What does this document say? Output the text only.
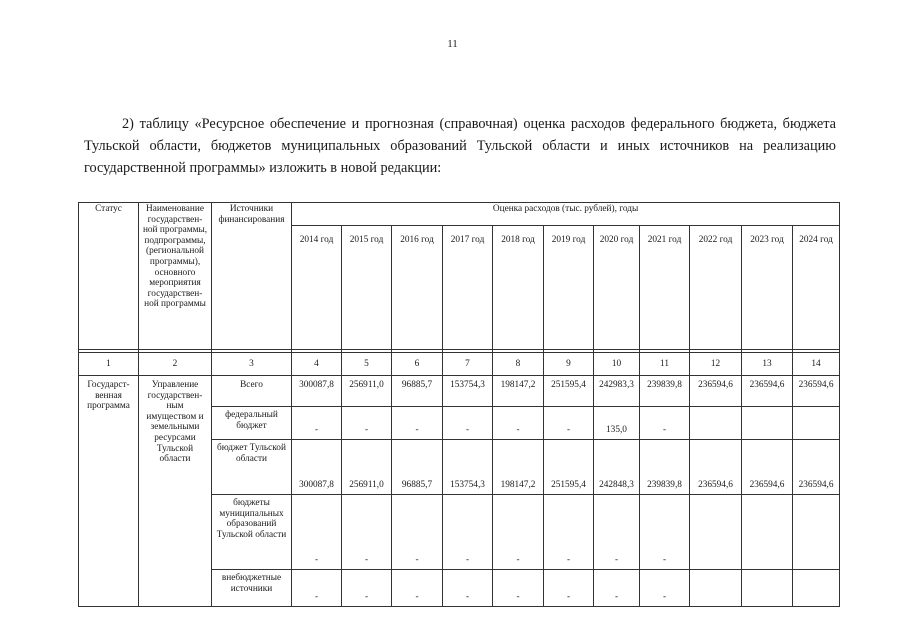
11
2) таблицу «Ресурсное обеспечение и прогнозная (справочная) оценка расходов федерального бюджета, бюджета Тульской области, бюджетов муниципальных образований Тульской области и иных источников на реализацию государственной программы» изложить в новой редакции:
Статус	Наименование государствен-ной программы, подпрограммы, (региональной программы), основного мероприятия государствен-ной программы	Источники финансирования	Оценка расходов (тыс. рублей), годы										
			2014 год	2015 год	2016 год	2017 год	2018 год	2019 год	2020 год	2021 год	2022 год	2023 год	2024 год

1	2	3	4	5	6	7	8	9	10	11	12	13	14
Государст-венная программа	Управление государствен-ным имуществом и земельными ресурсами Тульской области	Всего	300087,8	256911,0	96885,7	153754,3	198147,2	251595,4	242983,3	239839,8	236594,6	236594,6	236594,6
		федеральный бюджет	-	-	-	-	-	-	135,0	-			
		бюджет Тульской области	300087,8	256911,0	96885,7	153754,3	198147,2	251595,4	242848,3	239839,8	236594,6	236594,6	236594,6
		бюджеты муниципальных образований Тульской области	-	-	-	-	-	-	-	-			
		внебюджетные источники	-	-	-	-	-	-	-	-			
